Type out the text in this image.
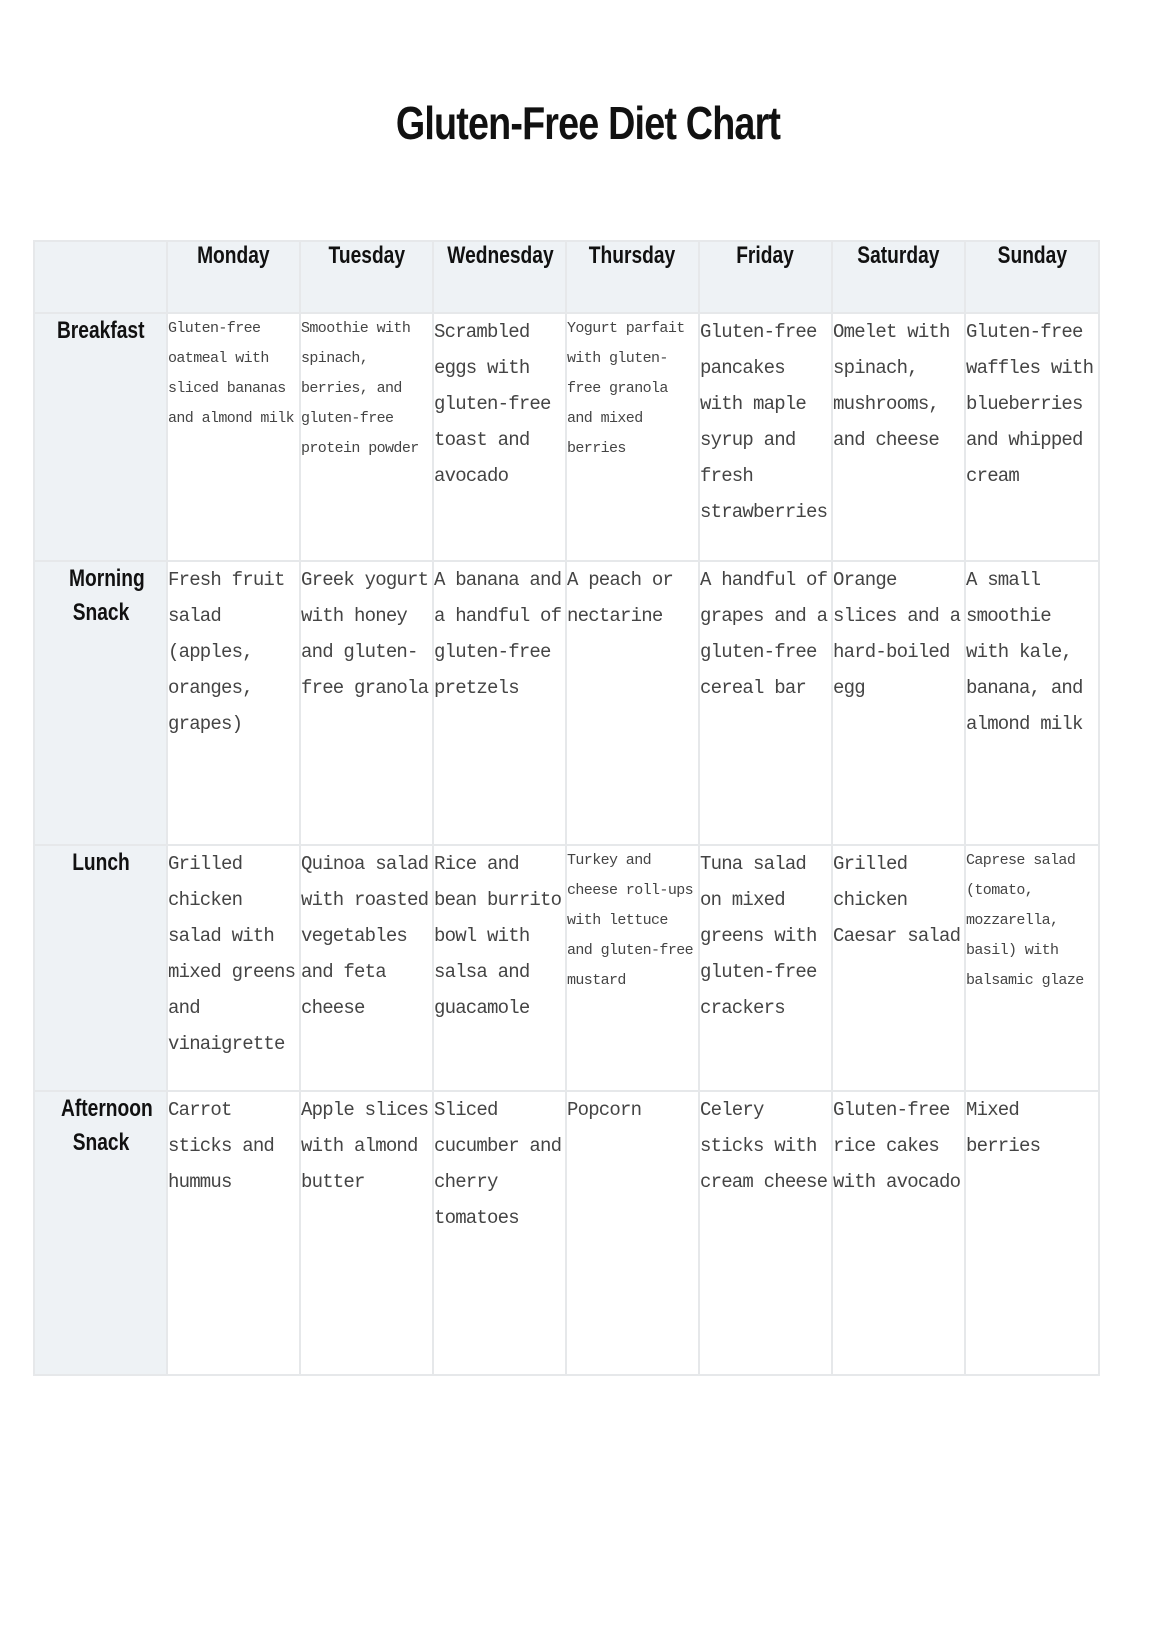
Gluten-Free Diet Chart
	Monday	Tuesday	Wednesday	Thursday	Friday	Saturday	Sunday
Breakfast	Gluten-free oatmeal with sliced bananas and almond milk	Smoothie with spinach, berries, and gluten-free protein powder	Scrambled eggs with gluten-free toast and avocado	Yogurt parfait with gluten-free granola and mixed berries	Gluten-free pancakes with maple syrup and fresh strawberries	Omelet with spinach, mushrooms, and cheese	Gluten-free waffles with blueberries and whipped cream
Morning Snack	Fresh fruit salad (apples, oranges, grapes)	Greek yogurt with honey and gluten-free granola	A banana and a handful of gluten-free pretzels	A peach or nectarine	A handful of grapes and a gluten-free cereal bar	Orange slices and a hard-boiled egg	A small smoothie with kale, banana, and almond milk
Lunch	Grilled chicken salad with mixed greens and vinaigrette	Quinoa salad with roasted vegetables and feta cheese	Rice and bean burrito bowl with salsa and guacamole	Turkey and cheese roll-ups with lettuce and gluten-free mustard	Tuna salad on mixed greens with gluten-free crackers	Grilled chicken Caesar salad	Caprese salad (tomato, mozzarella, basil) with balsamic glaze
Afternoon Snack	Carrot sticks and hummus	Apple slices with almond butter	Sliced cucumber and cherry tomatoes	Popcorn	Celery sticks with cream cheese	Gluten-free rice cakes with avocado	Mixed berries
